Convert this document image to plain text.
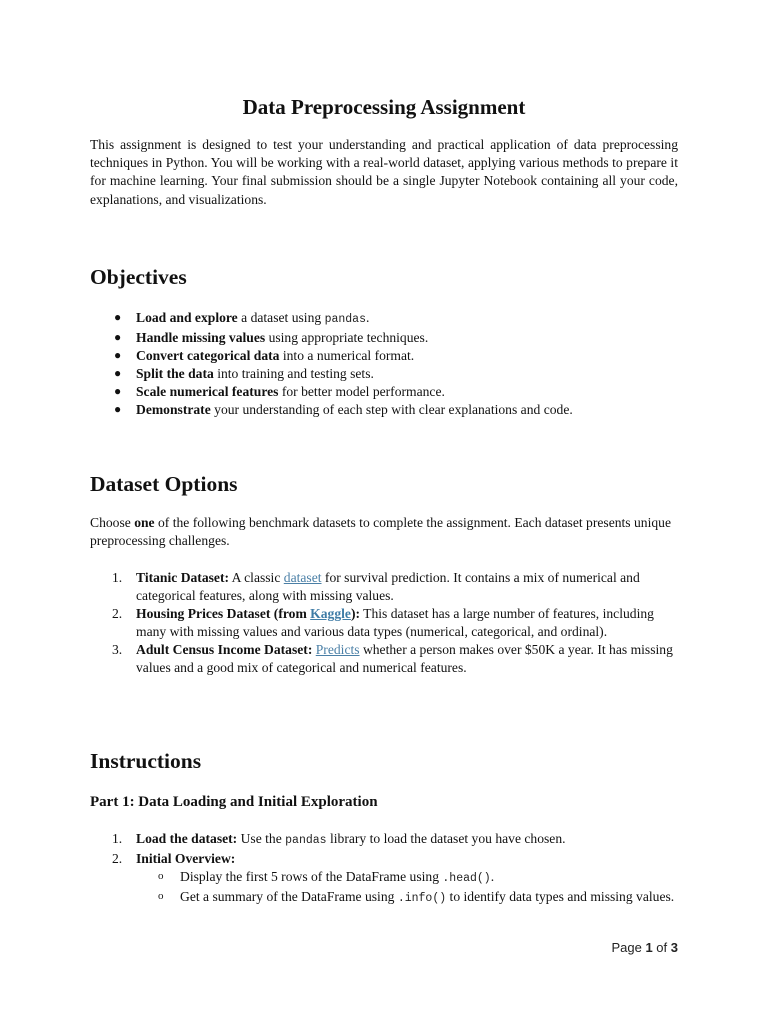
Data Preprocessing Assignment
This assignment is designed to test your understanding and practical application of data preprocessing techniques in Python. You will be working with a real-world dataset, applying various methods to prepare it for machine learning. Your final submission should be a single Jupyter Notebook containing all your code, explanations, and visualizations.
Objectives
● Load and explore a dataset using pandas.
● Handle missing values using appropriate techniques.
● Convert categorical data into a numerical format.
● Split the data into training and testing sets.
● Scale numerical features for better model performance.
● Demonstrate your understanding of each step with clear explanations and code.
Dataset Options
Choose one of the following benchmark datasets to complete the assignment. Each dataset presents unique preprocessing challenges.
1. Titanic Dataset: A classic dataset for survival prediction. It contains a mix of numerical and categorical features, along with missing values.
2. Housing Prices Dataset (from Kaggle): This dataset has a large number of features, including many with missing values and various data types (numerical, categorical, and ordinal).
3. Adult Census Income Dataset: Predicts whether a person makes over $50K a year. It has missing values and a good mix of categorical and numerical features.
Instructions
Part 1: Data Loading and Initial Exploration
1. Load the dataset: Use the pandas library to load the dataset you have chosen.
2. Initial Overview:
o Display the first 5 rows of the DataFrame using .head().
o Get a summary of the DataFrame using .info() to identify data types and missing values.
Page 1 of 3
